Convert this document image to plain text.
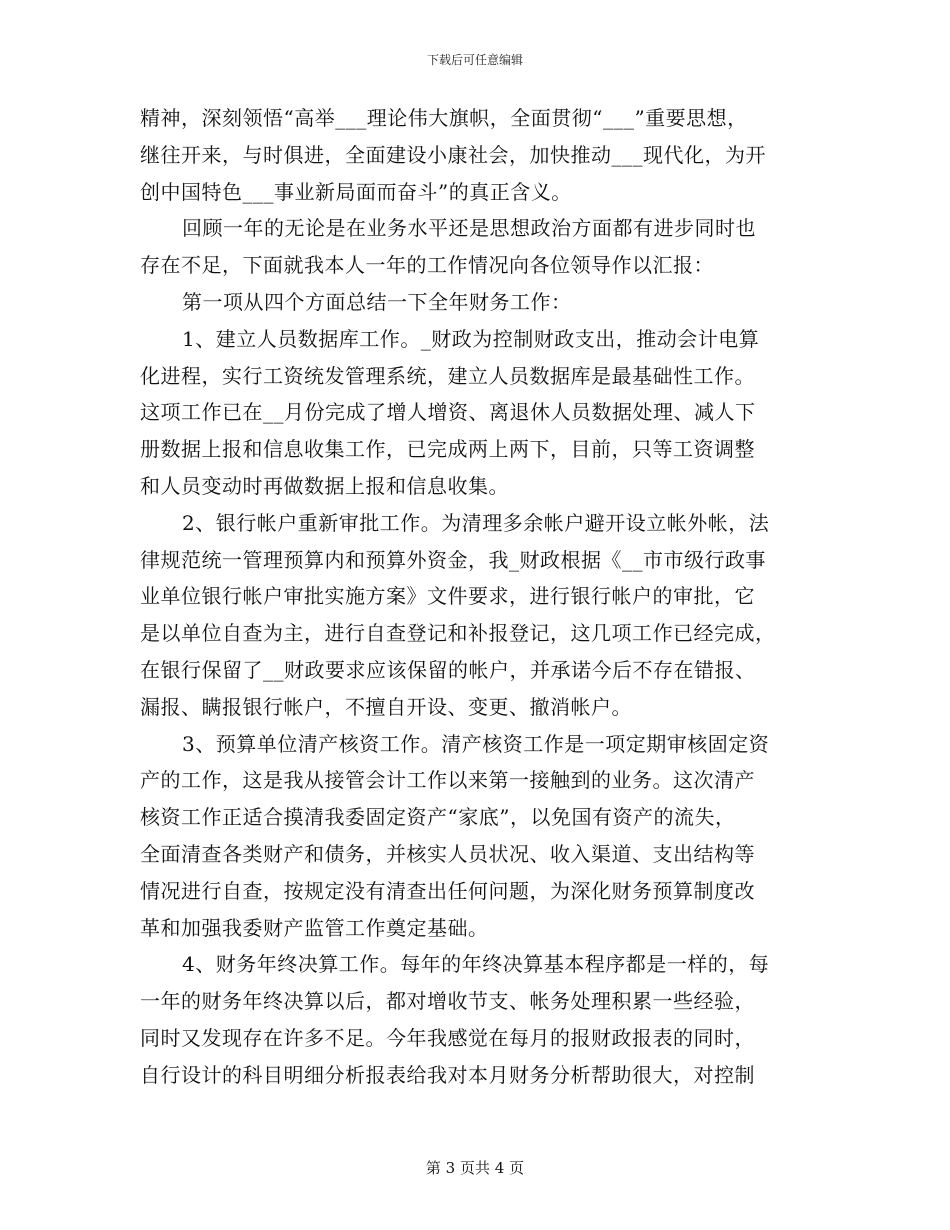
下载后可任意编辑
精神，深刻领悟“高举___理论伟大旗帜，全面贯彻“___”重要思想，
继往开来，与时俱进，全面建设小康社会，加快推动___现代化，为开
创中国特色___事业新局面而奋斗”的真正含义。
回顾一年的无论是在业务水平还是思想政治方面都有进步同时也
存在不足，下面就我本人一年的工作情况向各位领导作以汇报：
第一项从四个方面总结一下全年财务工作：
1、建立人员数据库工作。_财政为控制财政支出，推动会计电算
化进程，实行工资统发管理系统，建立人员数据库是最基础性工作。
这项工作已在__月份完成了增人增资、离退休人员数据处理、减人下
册数据上报和信息收集工作，已完成两上两下，目前，只等工资调整
和人员变动时再做数据上报和信息收集。
2、银行帐户重新审批工作。为清理多余帐户避开设立帐外帐，法
律规范统一管理预算内和预算外资金，我_财政根据《__市市级行政事
业单位银行帐户审批实施方案》文件要求，进行银行帐户的审批，它
是以单位自查为主，进行自查登记和补报登记，这几项工作已经完成，
在银行保留了__财政要求应该保留的帐户，并承诺今后不存在错报、
漏报、瞒报银行帐户，不擅自开设、变更、撤消帐户。
3、预算单位清产核资工作。清产核资工作是一项定期审核固定资
产的工作，这是我从接管会计工作以来第一接触到的业务。这次清产
核资工作正适合摸清我委固定资产“家底”，以免国有资产的流失，
全面清查各类财产和债务，并核实人员状况、收入渠道、支出结构等
情况进行自查，按规定没有清查出任何问题，为深化财务预算制度改
革和加强我委财产监管工作奠定基础。
4、财务年终决算工作。每年的年终决算基本程序都是一样的，每
一年的财务年终决算以后，都对增收节支、帐务处理积累一些经验，
同时又发现存在许多不足。今年我感觉在每月的报财政报表的同时，
自行设计的科目明细分析报表给我对本月财务分析帮助很大，对控制
第 3 页共 4 页
